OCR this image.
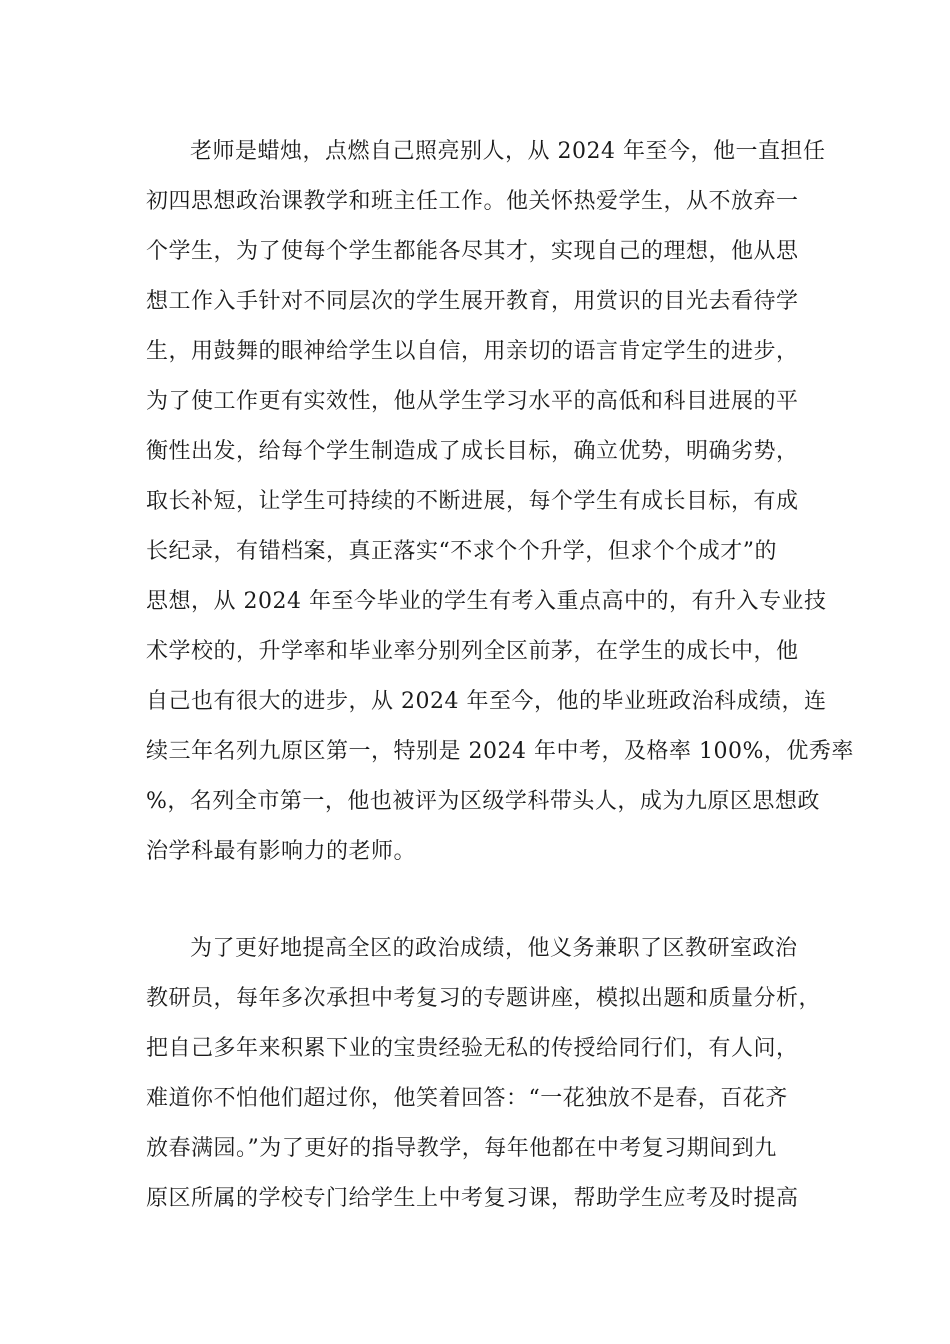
老师是蜡烛，点燃自己照亮别人，从 2024 年至今，他一直担任
初四思想政治课教学和班主任工作。他关怀热爱学生，从不放弃一
个学生，为了使每个学生都能各尽其才，实现自己的理想，他从思
想工作入手针对不同层次的学生展开教育，用赏识的目光去看待学
生，用鼓舞的眼神给学生以自信，用亲切的语言肯定学生的进步，
为了使工作更有实效性，他从学生学习水平的高低和科目进展的平
衡性出发，给每个学生制造成了成长目标，确立优势，明确劣势，
取长补短，让学生可持续的不断进展，每个学生有成长目标，有成
长纪录，有错档案，真正落实“不求个个升学，但求个个成才”的
思想，从 2024 年至今毕业的学生有考入重点高中的，有升入专业技
术学校的，升学率和毕业率分别列全区前茅，在学生的成长中，他
自己也有很大的进步，从 2024 年至今，他的毕业班政治科成绩，连
续三年名列九原区第一，特别是 2024 年中考，及格率 100%，优秀率
%，名列全市第一，他也被评为区级学科带头人，成为九原区思想政
治学科最有影响力的老师。
为了更好地提高全区的政治成绩，他义务兼职了区教研室政治
教研员，每年多次承担中考复习的专题讲座，模拟出题和质量分析，
把自己多年来积累下业的宝贵经验无私的传授给同行们，有人问，
难道你不怕他们超过你，他笑着回答：“一花独放不是春，百花齐
放春满园。”为了更好的指导教学，每年他都在中考复习期间到九
原区所属的学校专门给学生上中考复习课，帮助学生应考及时提高
